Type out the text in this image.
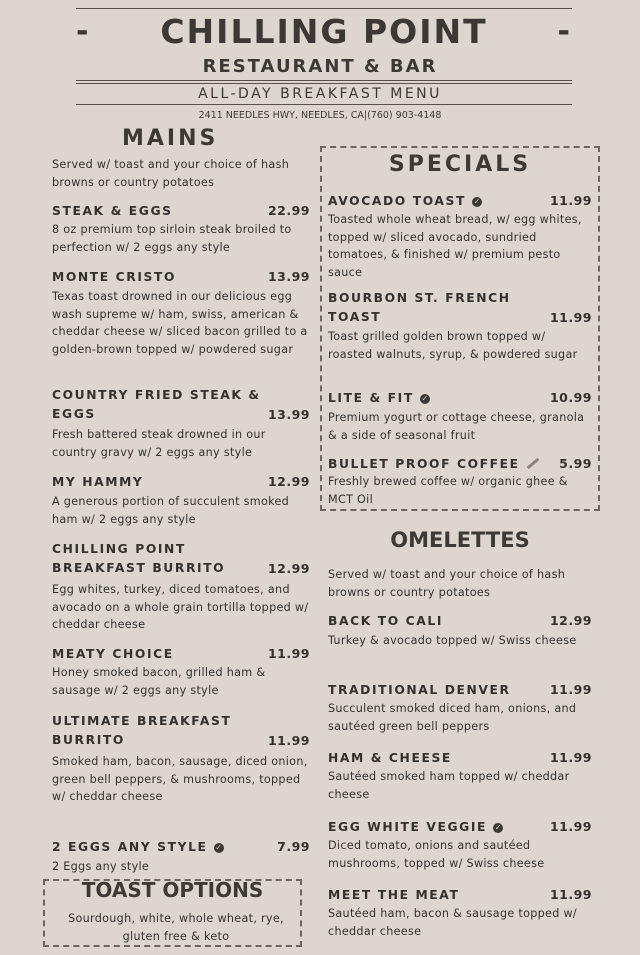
- CHILLING POINT -
RESTAURANT & BAR
ALL-DAY BREAKFAST MENU
2411 NEEDLES HWY, NEEDLES, CA|(760) 903-4148
MAINS
Served w/ toast and your choice of hash browns or country potatoes
STEAK & EGGS	22.99
8 oz premium top sirloin steak broiled to perfection w/ 2 eggs any style
MONTE CRISTO	13.99
Texas toast drowned in our delicious egg wash supreme w/ ham, swiss, american & cheddar cheese w/ sliced bacon grilled to a golden-brown topped w/ powdered sugar
COUNTRY FRIED STEAK &
EGGS	13.99
Fresh battered steak drowned in our country gravy w/ 2 eggs any style
MY HAMMY	12.99
A generous portion of succulent smoked ham w/ 2 eggs any style
CHILLING POINT
BREAKFAST BURRITO	12.99
Egg whites, turkey, diced tomatoes, and avocado on a whole grain tortilla topped w/ cheddar cheese
MEATY CHOICE	11.99
Honey smoked bacon, grilled ham & sausage w/ 2 eggs any style
ULTIMATE BREAKFAST
BURRITO	11.99
Smoked ham, bacon, sausage, diced onion, green bell peppers, & mushrooms, topped w/ cheddar cheese
2 EGGS ANY STYLE ✓	7.99
2 Eggs any style
TOAST OPTIONS
Sourdough, white, whole wheat, rye, gluten free & keto
SPECIALS
AVOCADO TOAST ✓	11.99
Toasted whole wheat bread, w/ egg whites, topped w/ sliced avocado, sundried tomatoes, & finished w/ premium pesto sauce
BOURBON ST. FRENCH
TOAST	11.99
Toast grilled golden brown topped w/ roasted walnuts, syrup, & powdered sugar
LITE & FIT ✓	10.99
Premium yogurt or cottage cheese, granola & a side of seasonal fruit
BULLET PROOF COFFEE	5.99
Freshly brewed coffee w/ organic ghee & MCT Oil
OMELETTES
Served w/ toast and your choice of hash browns or country potatoes
BACK TO CALI	12.99
Turkey & avocado topped w/ Swiss cheese
TRADITIONAL DENVER	11.99
Succulent smoked diced ham, onions, and sautéed green bell peppers
HAM & CHEESE	11.99
Sautéed smoked ham topped w/ cheddar cheese
EGG WHITE VEGGIE ✓	11.99
Diced tomato, onions and sautéed mushrooms, topped w/ Swiss cheese
MEET THE MEAT	11.99
Sautéed ham, bacon & sausage topped w/ cheddar cheese
